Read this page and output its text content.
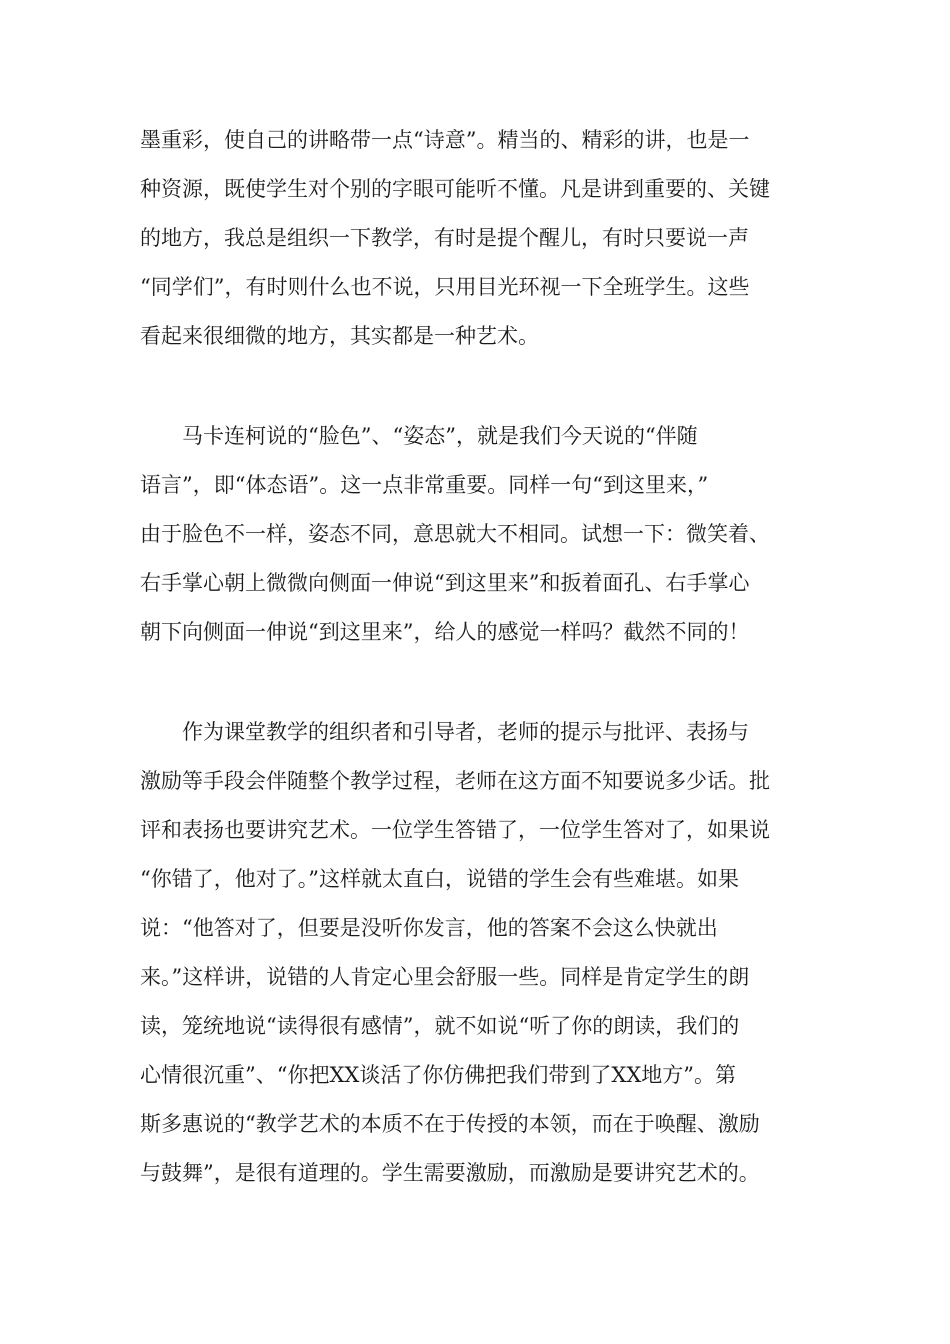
墨重彩，使自己的讲略带一点“诗意”。精当的、精彩的讲，也是一
种资源，既使学生对个别的字眼可能听不懂。凡是讲到重要的、关键
的地方，我总是组织一下教学，有时是提个醒儿，有时只要说一声
“同学们”，有时则什么也不说，只用目光环视一下全班学生。这些
看起来很细微的地方，其实都是一种艺术。
　　马卡连柯说的“脸色”、“姿态”，就是我们今天说的“伴随
语言”，即“体态语”。这一点非常重要。同样一句“到这里来，”
由于脸色不一样，姿态不同，意思就大不相同。试想一下：微笑着、
右手掌心朝上微微向侧面一伸说“到这里来”和扳着面孔、右手掌心
朝下向侧面一伸说“到这里来”，给人的感觉一样吗？截然不同的！
　　作为课堂教学的组织者和引导者，老师的提示与批评、表扬与
激励等手段会伴随整个教学过程，老师在这方面不知要说多少话。批
评和表扬也要讲究艺术。一位学生答错了，一位学生答对了，如果说
“你错了，他对了。”这样就太直白，说错的学生会有些难堪。如果
说：“他答对了，但要是没听你发言，他的答案不会这么快就出
来。”这样讲，说错的人肯定心里会舒服一些。同样是肯定学生的朗
读，笼统地说“读得很有感情”，就不如说“听了你的朗读，我们的
心情很沉重”、“你把XX谈活了你仿佛把我们带到了XX地方”。第
斯多惠说的“教学艺术的本质不在于传授的本领，而在于唤醒、激励
与鼓舞”，是很有道理的。学生需要激励，而激励是要讲究艺术的。
